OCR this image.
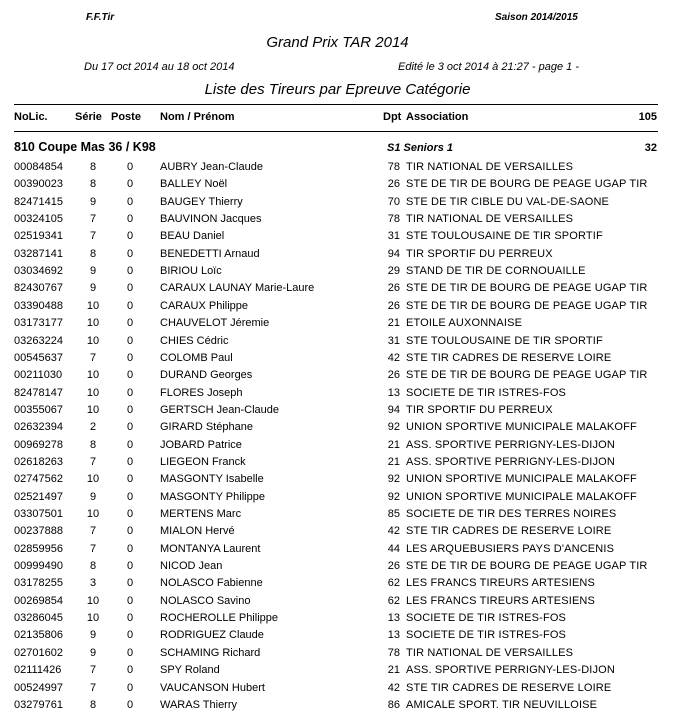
F.F.Tir	Saison 2014/2015
Grand Prix TAR 2014
Du 17 oct 2014 au 18 oct 2014	Edité le 3 oct 2014 à 21:27 - page 1 -
Liste des Tireurs par Epreuve Catégorie
NoLic. Série Poste Nom / Prénom	Dpt Association	105
810 Coupe Mas 36 / K98	S1 Seniors 1	32
00084854	8	0 AUBRY Jean-Claude	78 TIR NATIONAL DE VERSAILLES
00390023	8	0 BALLEY Noël	26 STE DE TIR DE BOURG DE PEAGE UGAP TIR
82471415	9	0 BAUGEY Thierry	70 STE DE TIR CIBLE DU VAL-DE-SAONE
00324105	7	0 BAUVINON Jacques	78 TIR NATIONAL DE VERSAILLES
02519341	7	0 BEAU Daniel	31 STE TOULOUSAINE DE TIR SPORTIF
03287141	8	0 BENEDETTI Arnaud	94 TIR SPORTIF DU PERREUX
03034692	9	0 BIRIOU Loïc	29 STAND DE TIR DE CORNOUAILLE
82430767	9	0 CARAUX LAUNAY Marie-Laure	26 STE DE TIR DE BOURG DE PEAGE UGAP TIR
03390488 10	0 CARAUX Philippe	26 STE DE TIR DE BOURG DE PEAGE UGAP TIR
03173177 10	0 CHAUVELOT Jéremie	21 ETOILE AUXONNAISE
03263224 10	0 CHIES Cédric	31 STE TOULOUSAINE DE TIR SPORTIF
00545637	7	0 COLOMB Paul	42 STE TIR CADRES DE RESERVE LOIRE
00211030 10	0 DURAND Georges	26 STE DE TIR DE BOURG DE PEAGE UGAP TIR
82478147 10	0 FLORES Joseph	13 SOCIETE DE TIR ISTRES-FOS
00355067 10	0 GERTSCH Jean-Claude	94 TIR SPORTIF DU PERREUX
02632394	2	0 GIRARD Stéphane	92 UNION SPORTIVE MUNICIPALE MALAKOFF
00969278	8	0 JOBARD Patrice	21 ASS. SPORTIVE PERRIGNY-LES-DIJON
02618263	7	0 LIEGEON Franck	21 ASS. SPORTIVE PERRIGNY-LES-DIJON
02747562 10	0 MASGONTY Isabelle	92 UNION SPORTIVE MUNICIPALE MALAKOFF
02521497	9	0 MASGONTY Philippe	92 UNION SPORTIVE MUNICIPALE MALAKOFF
03307501 10	0 MERTENS Marc	85 SOCIETE DE TIR DES TERRES NOIRES
00237888	7	0 MIALON Hervé	42 STE TIR CADRES DE RESERVE LOIRE
02859956	7	0 MONTANYA Laurent	44 LES ARQUEBUSIERS PAYS D'ANCENIS
00999490	8	0 NICOD Jean	26 STE DE TIR DE BOURG DE PEAGE UGAP TIR
03178255	3	0 NOLASCO Fabienne	62 LES FRANCS TIREURS ARTESIENS
00269854 10	0 NOLASCO Savino	62 LES FRANCS TIREURS ARTESIENS
03286045 10	0 ROCHEROLLE Philippe	13 SOCIETE DE TIR ISTRES-FOS
02135806	9	0 RODRIGUEZ Claude	13 SOCIETE DE TIR ISTRES-FOS
02701602	9	0 SCHAMING Richard	78 TIR NATIONAL DE VERSAILLES
02111426	7	0 SPY Roland	21 ASS. SPORTIVE PERRIGNY-LES-DIJON
00524997	7	0 VAUCANSON Hubert	42 STE TIR CADRES DE RESERVE LOIRE
03279761	8	0 WARAS Thierry	86 AMICALE SPORT. TIR NEUVILLOISE
